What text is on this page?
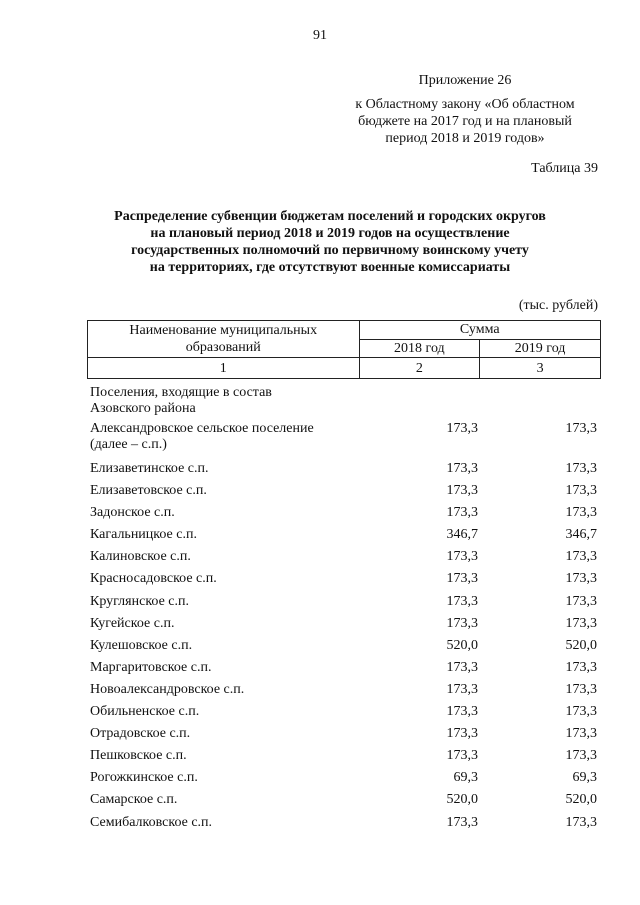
91
Приложение 26
к Областному закону «Об областном
бюджете на 2017 год и на плановый
период 2018 и 2019 годов»
Таблица 39
Распределение субвенции бюджетам поселений и городских округов
на плановый период 2018 и 2019 годов на осуществление
государственных полномочий по первичному воинскому учету
на территориях, где отсутствуют военные комиссариаты
(тыс. рублей)
Наименование муниципальных
образований	Сумма	
	2018 год	2019 год
1	2	3
Поселения, входящие в состав
Азовского района
Александровское сельское поселение
(далее – с.п.)
173,3	173,3
Елизаветинское с.п.	173,3	173,3
Елизаветовское с.п.	173,3	173,3
Задонское с.п.	173,3	173,3
Кагальницкое с.п.	346,7	346,7
Калиновское с.п.	173,3	173,3
Красносадовское с.п.	173,3	173,3
Круглянское с.п.	173,3	173,3
Кугейское с.п.	173,3	173,3
Кулешовское с.п.	520,0	520,0
Маргаритовское с.п.	173,3	173,3
Новоалександровское с.п.	173,3	173,3
Обильненское с.п.	173,3	173,3
Отрадовское с.п.	173,3	173,3
Пешковское с.п.	173,3	173,3
Рогожкинское с.п.	69,3	69,3
Самарское с.п.	520,0	520,0
Семибалковское с.п.	173,3	173,3
